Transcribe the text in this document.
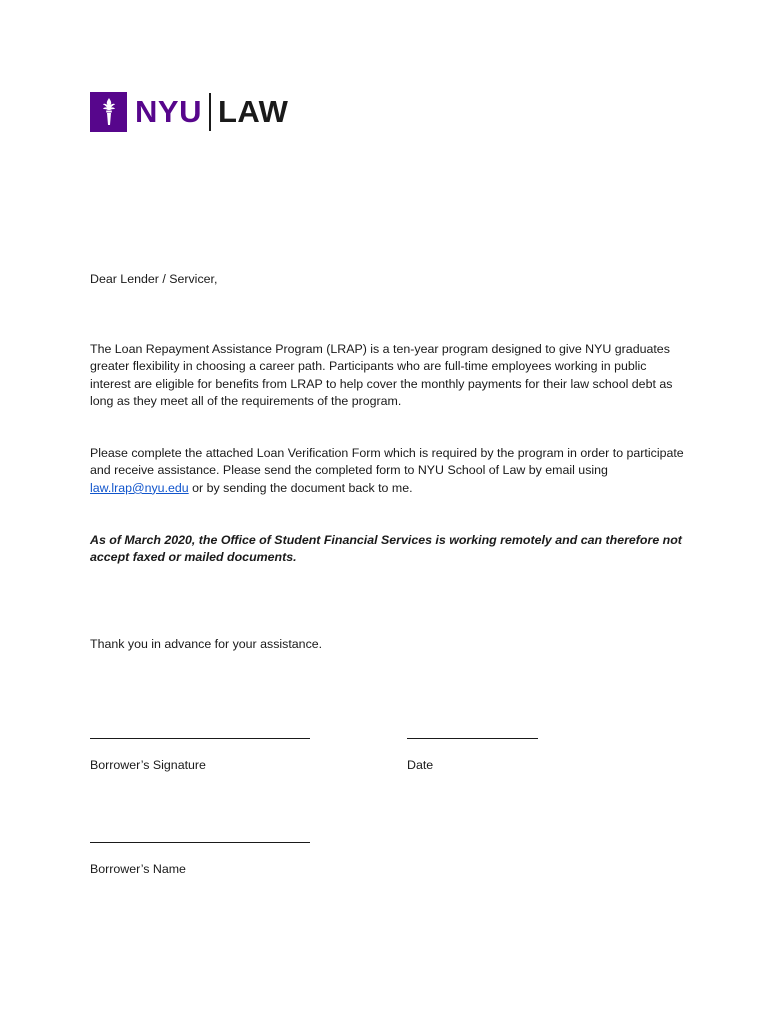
NYU LAW

Dear Lender / Servicer,

The Loan Repayment Assistance Program (LRAP) is a ten-year program designed to give NYU graduates greater flexibility in choosing a career path. Participants who are full-time employees working in public interest are eligible for benefits from LRAP to help cover the monthly payments for their law school debt as long as they meet all of the requirements of the program.

Please complete the attached Loan Verification Form which is required by the program in order to participate and receive assistance. Please send the completed form to NYU School of Law by email using law.lrap@nyu.edu or by sending the document back to me.

As of March 2020, the Office of Student Financial Services is working remotely and can therefore not accept faxed or mailed documents.

Thank you in advance for your assistance.

Borrower’s Signature	Date
Borrower’s Name
